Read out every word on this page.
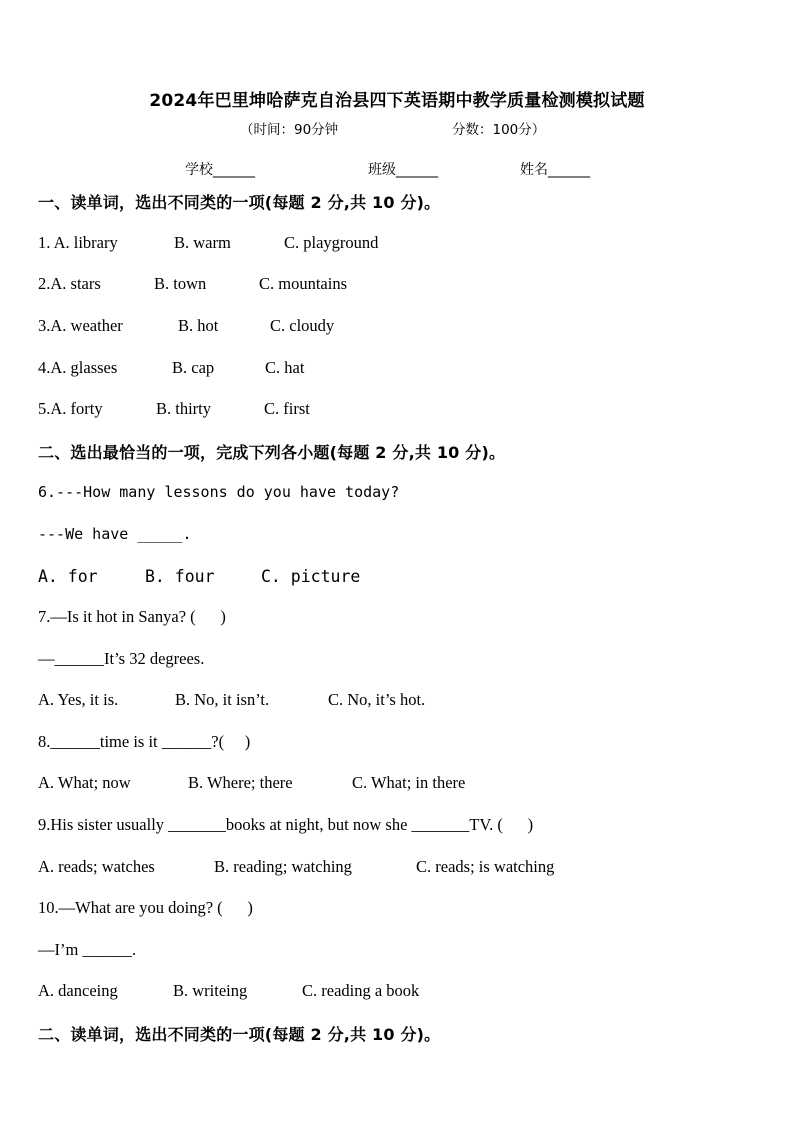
2024年巴里坤哈萨克自治县四下英语期中教学质量检测模拟试题
（时间：90分钟	分数：100分）
学校______	班级______	姓名______
一、读单词，选出不同类的一项(每题 2 分,共 10 分)。
1. A. library	B. warm	C. playground
2.A. stars	B. town	C. mountains
3.A. weather	B. hot	C. cloudy
4.A. glasses	B. cap	C. hat
5.A. forty	B. thirty	C. first
二、选出最恰当的一项，完成下列各小题(每题 2 分,共 10 分)。
6.---How many lessons do you have today?
---We have _____.
A. for	B. four	C. picture
7.—Is it hot in Sanya? (      )
—______It’s 32 degrees.
A. Yes, it is.	B. No, it isn’t.	C. No, it’s hot.
8.______time is it ______?(     )
A. What; now	B. Where; there	C. What; in there
9.His sister usually _______books at night, but now she _______TV. (      )
A. reads; watches	B. reading; watching	C. reads; is watching
10.—What are you doing? (      )
—I’m ______.
A. danceing	B. writeing	C. reading a book
二、读单词，选出不同类的一项(每题 2 分,共 10 分)。
